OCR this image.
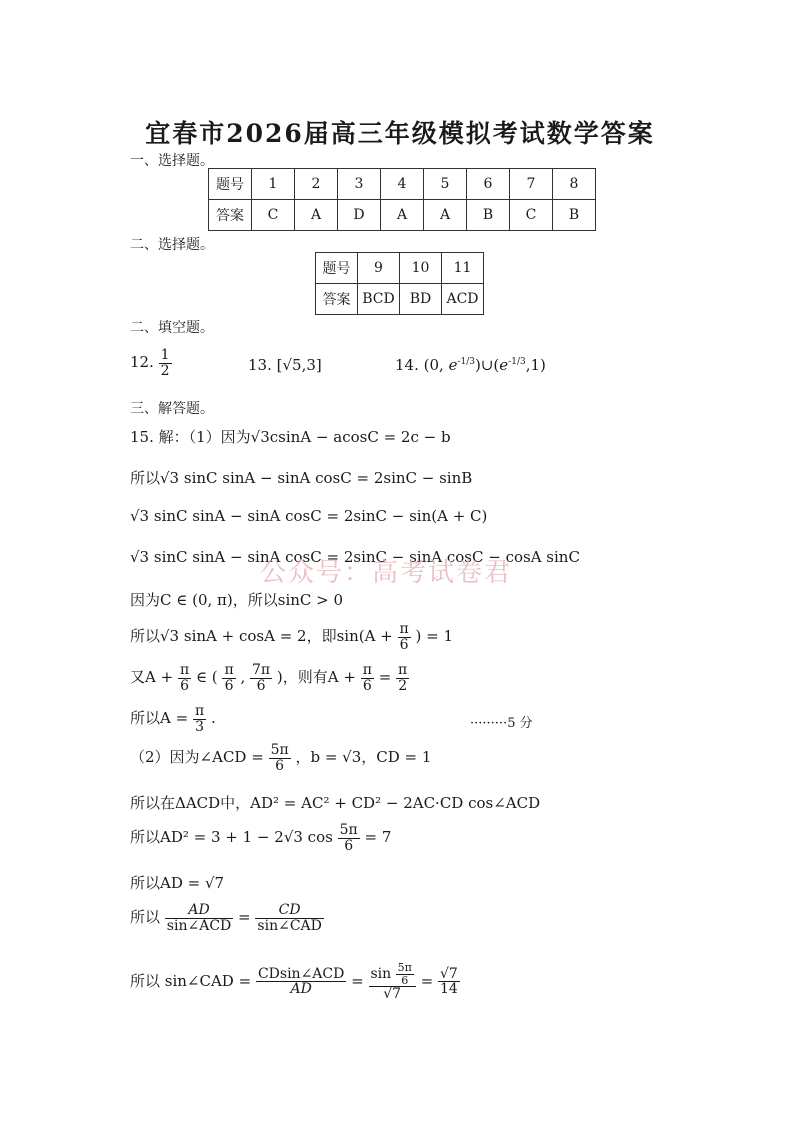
宜春市2026届高三年级模拟考试数学答案
一、选择题。
题号	1	2	3	4	5	6	7	8
答案	C	A	D	A	A	B	C	B
二、选择题。
题号	9	10	11
答案	BCD	BD	ACD
二、填空题。
12. $\frac{1}{2}$	13. [√5,3]	14. (0, $e^{-1/3})\cup(e^{-1/3},1)$
三、解答题。
15. 解：（1）因为√3csinA − acosC = 2c − b
所以√3 sinC sinA − sinA cosC = 2sinC − sinB
√3 sinC sinA − sinA cosC = 2sinC − sin(A + C)
√3 sinC sinA − sinA cosC = 2sinC − sinA cosC − cosA sinC
公众号：高考试卷君
因为C ∈ (0, π)，所以sinC > 0
所以√3 sinA + cosA = 2，即$\sin(A + \frac{\pi}{6}$ ) = 1
又$A + \frac{\pi}{6}$ ∈ ( $\frac{\pi}{6}$ , $\frac{7\pi}{6}$ )，则有$A + \frac{\pi}{6} = \frac{\pi}{2}$
所以$A = \frac{\pi}{3}$ .	·········5 分
（2）因为∠ACD = $\frac{5\pi}{6}$ ，b = √3，CD = 1
所以在ΔACD中，AD² = AC² + CD² − 2AC·CD cos∠ACD
所以AD² = 3 + 1 − 2√3 $\cos \frac{5\pi}{6} = 7$
所以AD = √7
所以 $\frac{AD}{\text{sin∠ACD}} = \frac{CD}{\text{sin∠CAD}}$
所以 sin∠CAD = $\frac{\text{CDsin∠ACD}}{AD} = \frac{\sin \frac{5\pi}{6}}{√7} = \frac{√7}{14}$
